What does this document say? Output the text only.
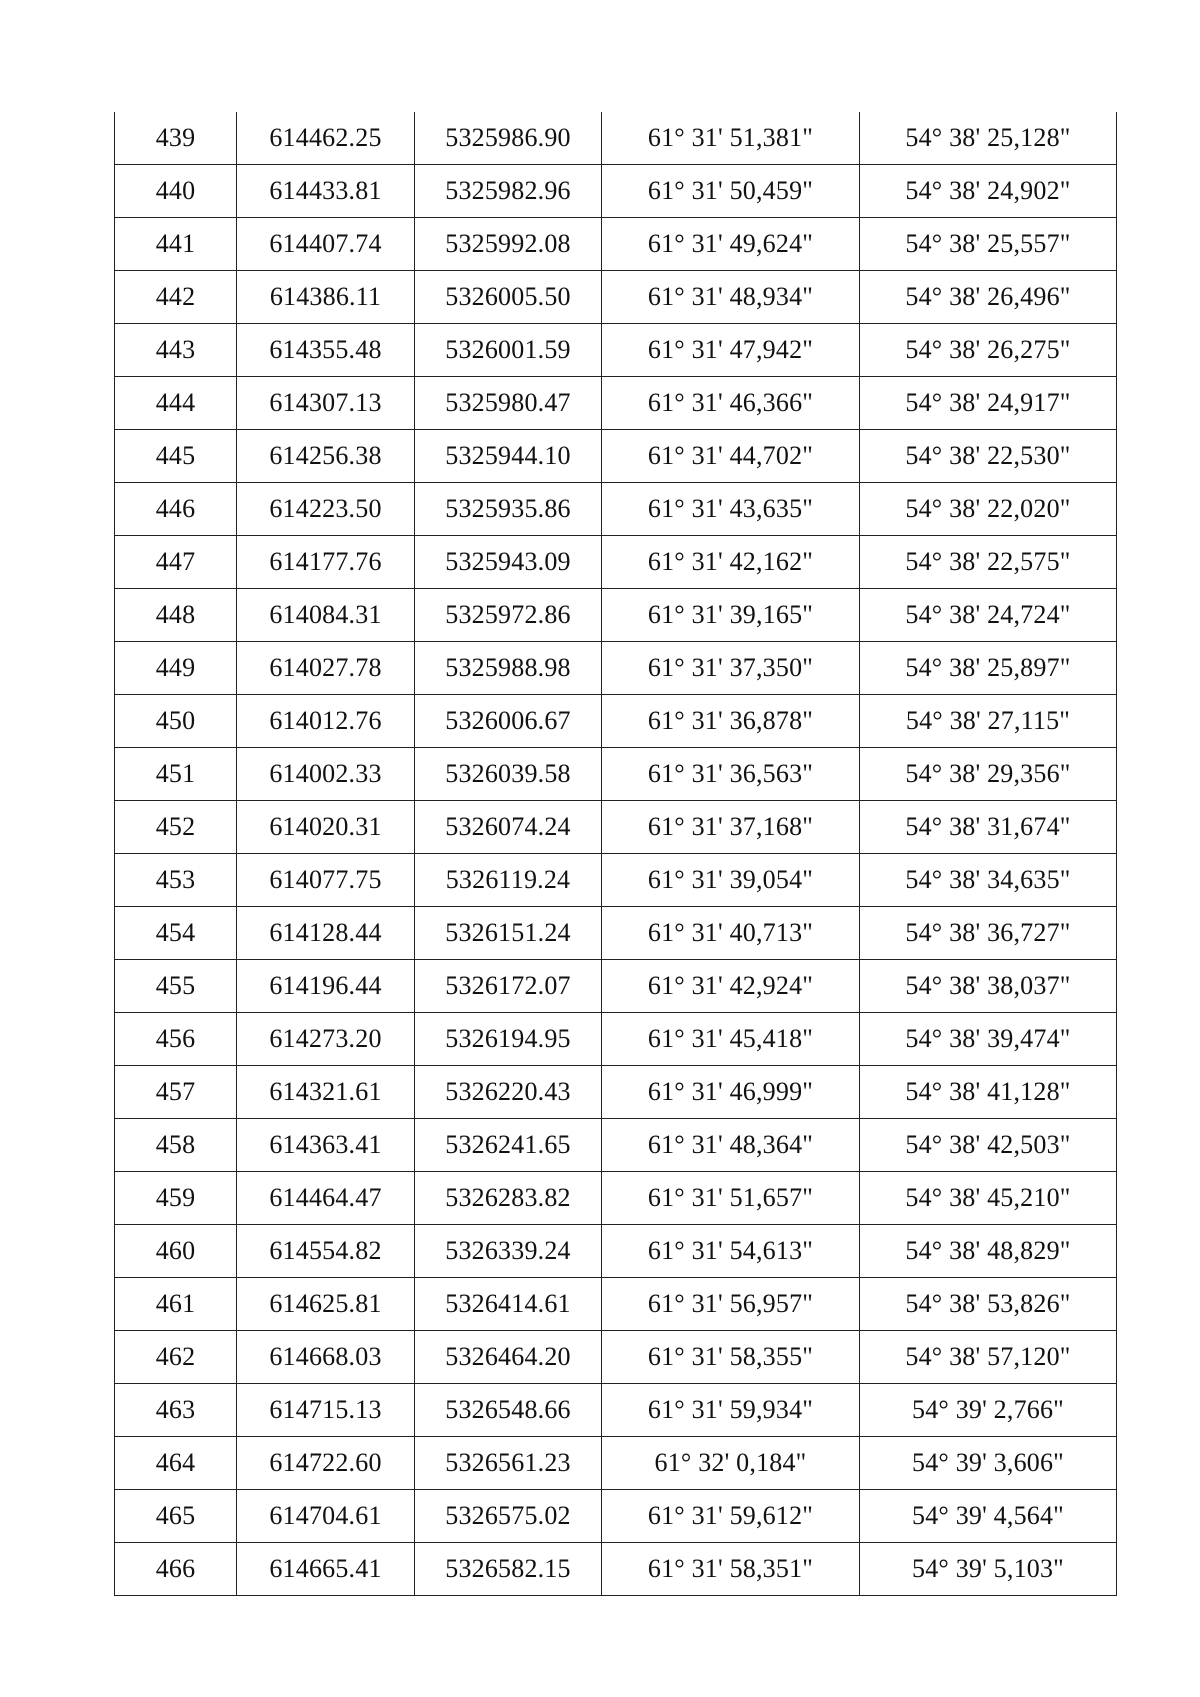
439	614462.25	5325986.90	61° 31' 51,381"	54° 38' 25,128"
440	614433.81	5325982.96	61° 31' 50,459"	54° 38' 24,902"
441	614407.74	5325992.08	61° 31' 49,624"	54° 38' 25,557"
442	614386.11	5326005.50	61° 31' 48,934"	54° 38' 26,496"
443	614355.48	5326001.59	61° 31' 47,942"	54° 38' 26,275"
444	614307.13	5325980.47	61° 31' 46,366"	54° 38' 24,917"
445	614256.38	5325944.10	61° 31' 44,702"	54° 38' 22,530"
446	614223.50	5325935.86	61° 31' 43,635"	54° 38' 22,020"
447	614177.76	5325943.09	61° 31' 42,162"	54° 38' 22,575"
448	614084.31	5325972.86	61° 31' 39,165"	54° 38' 24,724"
449	614027.78	5325988.98	61° 31' 37,350"	54° 38' 25,897"
450	614012.76	5326006.67	61° 31' 36,878"	54° 38' 27,115"
451	614002.33	5326039.58	61° 31' 36,563"	54° 38' 29,356"
452	614020.31	5326074.24	61° 31' 37,168"	54° 38' 31,674"
453	614077.75	5326119.24	61° 31' 39,054"	54° 38' 34,635"
454	614128.44	5326151.24	61° 31' 40,713"	54° 38' 36,727"
455	614196.44	5326172.07	61° 31' 42,924"	54° 38' 38,037"
456	614273.20	5326194.95	61° 31' 45,418"	54° 38' 39,474"
457	614321.61	5326220.43	61° 31' 46,999"	54° 38' 41,128"
458	614363.41	5326241.65	61° 31' 48,364"	54° 38' 42,503"
459	614464.47	5326283.82	61° 31' 51,657"	54° 38' 45,210"
460	614554.82	5326339.24	61° 31' 54,613"	54° 38' 48,829"
461	614625.81	5326414.61	61° 31' 56,957"	54° 38' 53,826"
462	614668.03	5326464.20	61° 31' 58,355"	54° 38' 57,120"
463	614715.13	5326548.66	61° 31' 59,934"	54° 39' 2,766"
464	614722.60	5326561.23	61° 32' 0,184"	54° 39' 3,606"
465	614704.61	5326575.02	61° 31' 59,612"	54° 39' 4,564"
466	614665.41	5326582.15	61° 31' 58,351"	54° 39' 5,103"
